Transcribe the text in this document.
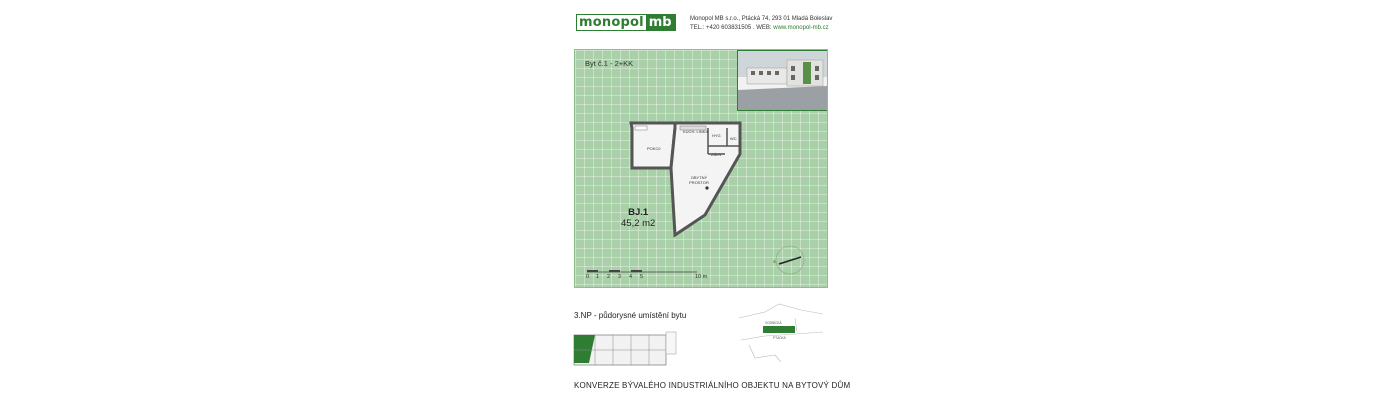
monopol mb	Monopol MB s.r.o., Ptácká 74, 293 01 Mladá Boleslav
TEL.: +420 603831505 . WEB: www.monopol-mb.cz
Byt č.1 - 2+KK
POKOJ
KUCH. LINKA
HYG
WC
ZÁDV
OBYTNÝ PROSTOR
BJ.1
45,2 m2
0 1 2 3 4 5	10 m
S
3.NP - půdorysné umístění bytu
VODNÍCKÁ
PTÁCKÁ
KONVERZE BÝVALÉHO INDUSTRIÁLNÍHO OBJEKTU NA BYTOVÝ DŮM
